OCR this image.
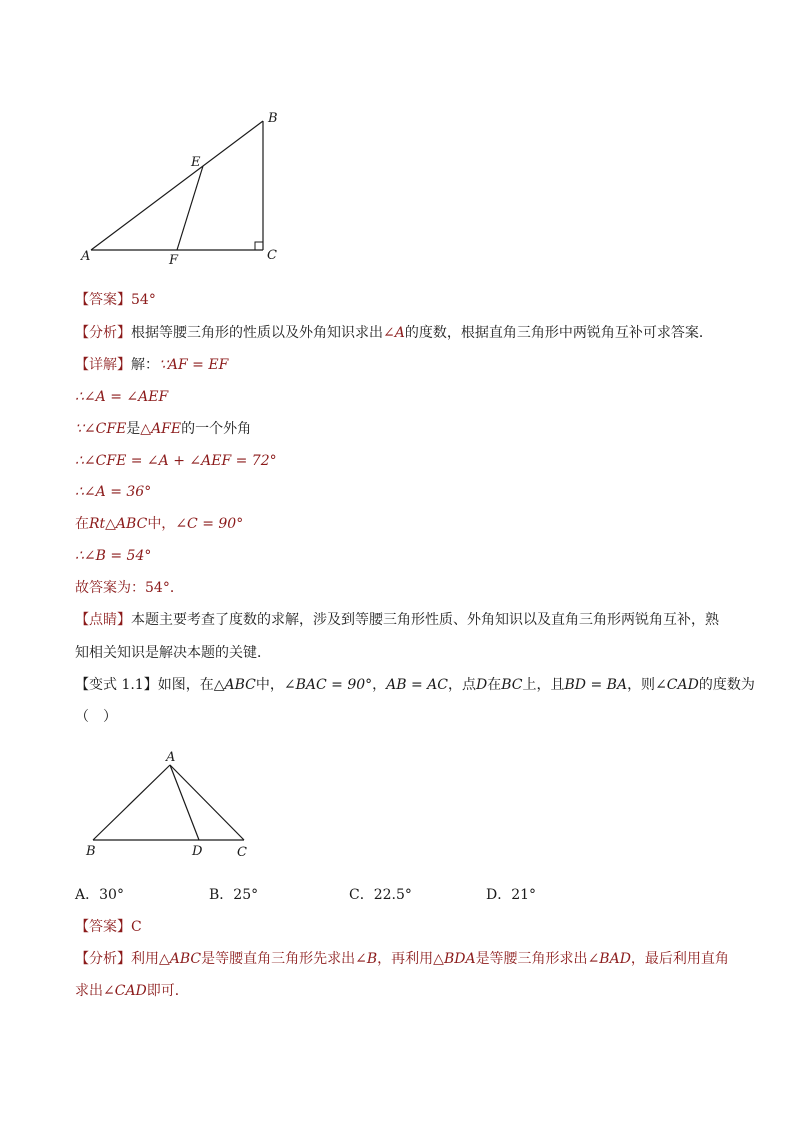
B
E
A	F	C
【答案】54°
【分析】根据等腰三角形的性质以及外角知识求出∠A的度数，根据直角三角形中两锐角互补可求答案．
【详解】解：∵AF = EF
∴∠A = ∠AEF
∵∠CFE是△AFE的一个外角
∴∠CFE = ∠A + ∠AEF = 72°
∴∠A = 36°
在Rt△ABC中，∠C = 90°
∴∠B = 54°
故答案为：54°．
【点睛】本题主要考查了度数的求解，涉及到等腰三角形性质、外角知识以及直角三角形两锐角互补，熟
知相关知识是解决本题的关键．
【变式 1.1】如图，在△ABC中，∠BAC = 90°，AB = AC，点D在BC上，且BD = BA，则∠CAD的度数为
（　）
A
B	D	C
A．30°	B．25°	C．22.5°	D．21°
【答案】C
【分析】利用△ABC是等腰直角三角形先求出∠B，再利用△BDA是等腰三角形求出∠BAD，最后利用直角
求出∠CAD即可．
